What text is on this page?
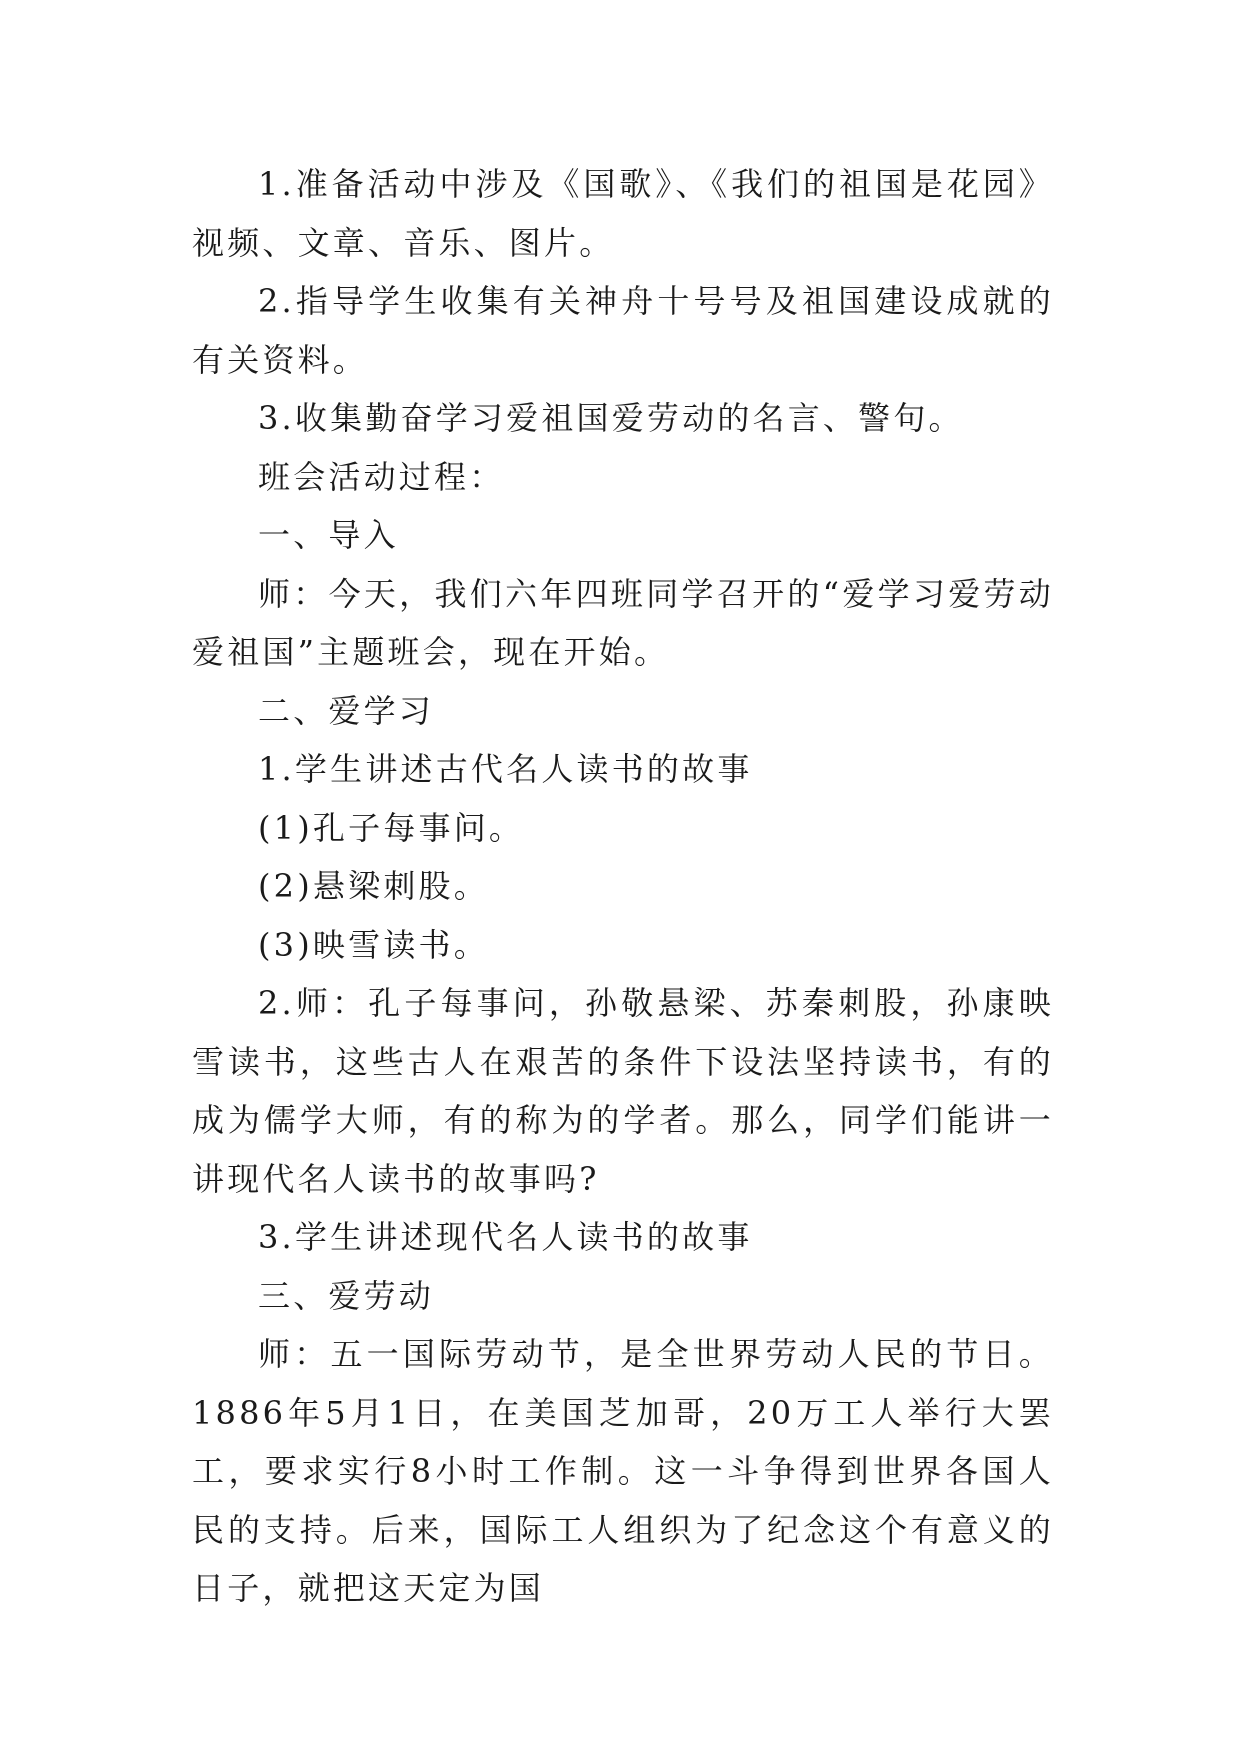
1.准备活动中涉及《国歌》、《我们的祖国是花园》视频、文章、音乐、图片。

2.指导学生收集有关神舟十号号及祖国建设成就的有关资料。

3.收集勤奋学习爱祖国爱劳动的名言、警句。

班会活动过程：

一、导入

师：今天，我们六年四班同学召开的“爱学习爱劳动爱祖国”主题班会，现在开始。

二、爱学习

1.学生讲述古代名人读书的故事

(1)孔子每事问。

(2)悬梁刺股。

(3)映雪读书。

2.师：孔子每事问，孙敬悬梁、苏秦刺股，孙康映雪读书，这些古人在艰苦的条件下设法坚持读书，有的成为儒学大师，有的称为的学者。那么，同学们能讲一讲现代名人读书的故事吗?

3.学生讲述现代名人读书的故事

三、爱劳动

师：五一国际劳动节，是全世界劳动人民的节日。1886年5月1日，在美国芝加哥，20万工人举行大罢工，要求实行8小时工作制。这一斗争得到世界各国人民的支持。后来，国际工人组织为了纪念这个有意义的日子，就把这天定为国
